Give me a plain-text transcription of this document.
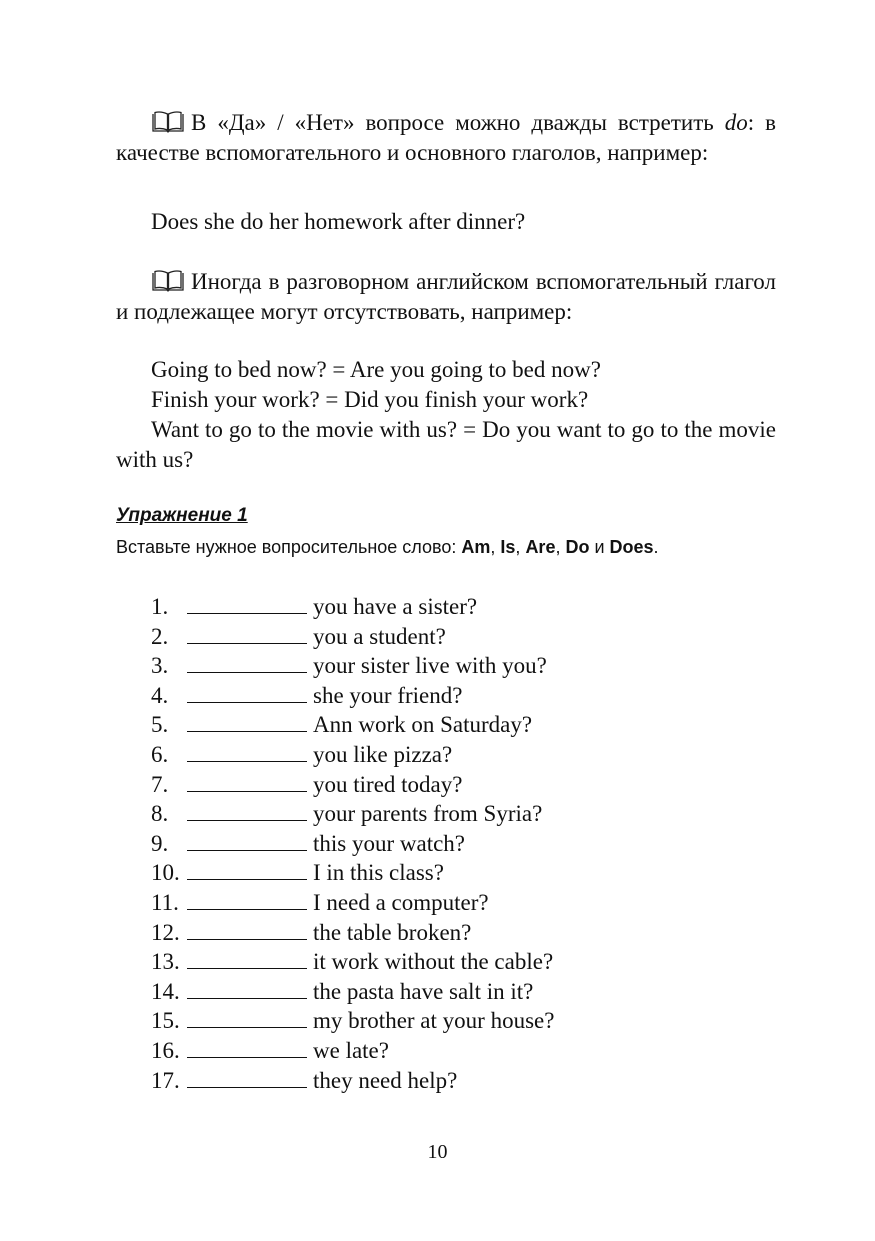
В «Да» / «Нет» вопросе можно дважды встретить do: в качестве вспомогательного и основного глаголов, например:

Does she do her homework after dinner?

Иногда в разговорном английском вспомогательный глагол и подлежащее могут отсутствовать, например:

Going to bed now? = Are you going to bed now?
Finish your work? = Did you finish your work?
Want to go to the movie with us? = Do you want to go to the movie with us?
Упражнение 1
Вставьте нужное вопросительное слово: Am, Is, Are, Do и Does.
1.	you have a sister?
2.	you a student?
3.	your sister live with you?
4.	she your friend?
5.	Ann work on Saturday?
6.	you like pizza?
7.	you tired today?
8.	your parents from Syria?
9.	this your watch?
10.	I in this class?
11.	I need a computer?
12.	the table broken?
13.	it work without the cable?
14.	the pasta have salt in it?
15.	my brother at your house?
16.	we late?
17.	they need help?
10
